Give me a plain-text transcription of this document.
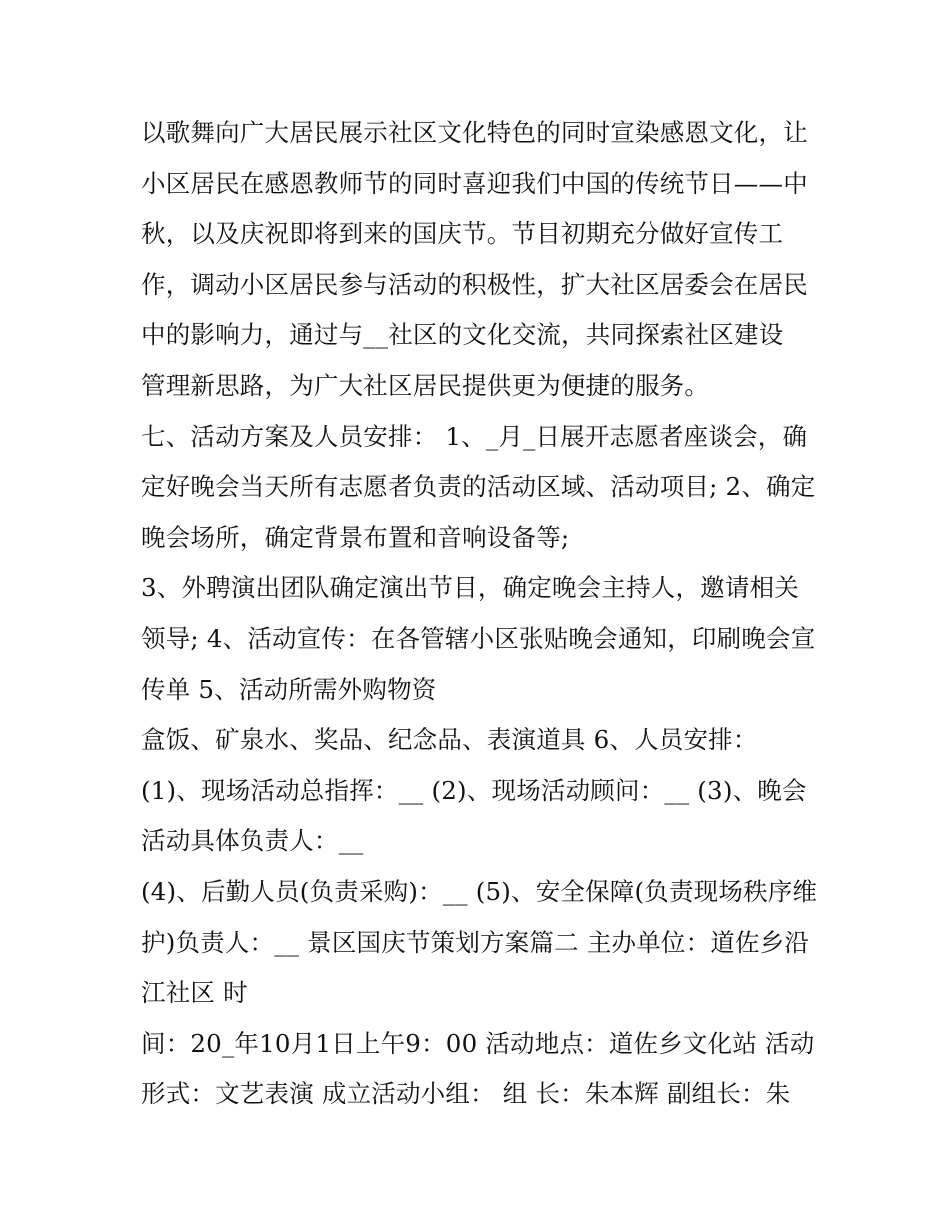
以歌舞向广大居民展示社区文化特色的同时宣染感恩文化，让
小区居民在感恩教师节的同时喜迎我们中国的传统节日——中
秋，以及庆祝即将到来的国庆节。节目初期充分做好宣传工
作，调动小区居民参与活动的积极性，扩大社区居委会在居民
中的影响力，通过与__社区的文化交流，共同探索社区建设
管理新思路，为广大社区居民提供更为便捷的服务。
七、活动方案及人员安排： 1、_月_日展开志愿者座谈会，确
定好晚会当天所有志愿者负责的活动区域、活动项目; 2、确定
晚会场所，确定背景布置和音响设备等;
3、外聘演出团队确定演出节目，确定晚会主持人，邀请相关
领导; 4、活动宣传：在各管辖小区张贴晚会通知，印刷晚会宣
传单 5、活动所需外购物资
盒饭、矿泉水、奖品、纪念品、表演道具 6、人员安排：
(1)、现场活动总指挥：__ (2)、现场活动顾问：__ (3)、晚会
活动具体负责人：__
(4)、后勤人员(负责采购)：__ (5)、安全保障(负责现场秩序维
护)负责人：__ 景区国庆节策划方案篇二 主办单位：道佐乡沿
江社区 时
间：20_年10月1日上午9：00 活动地点：道佐乡文化站 活动
形式：文艺表演 成立活动小组： 组 长：朱本辉 副组长：朱
